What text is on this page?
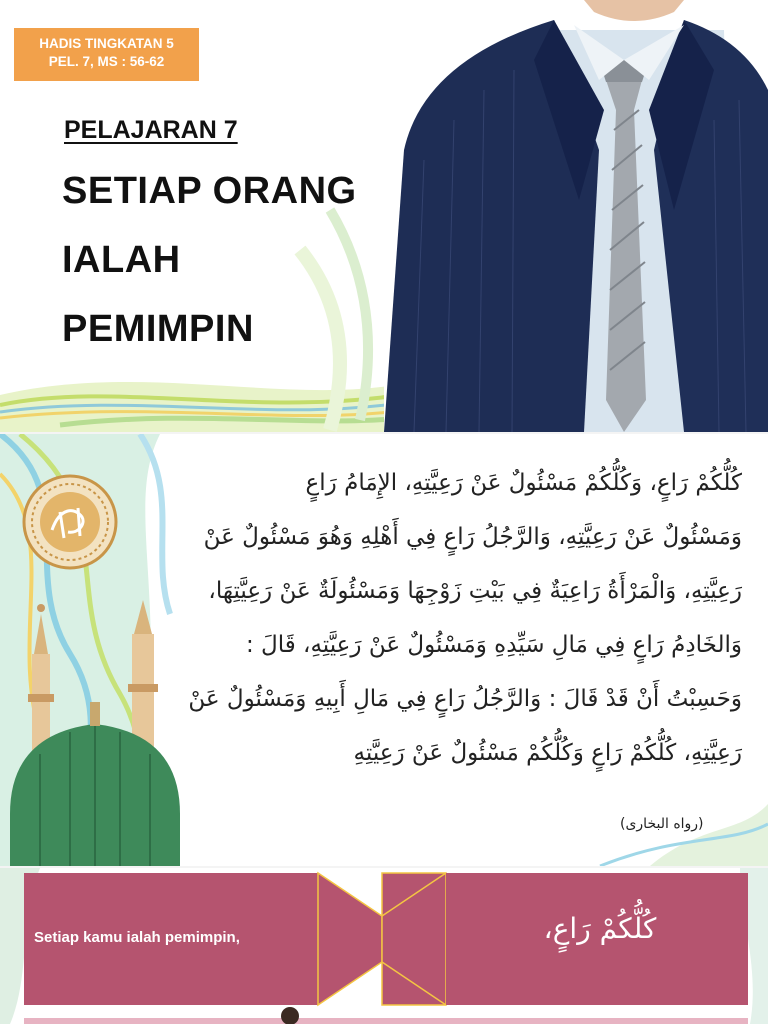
HADIS TINGKATAN 5
PEL. 7, MS : 56-62
PELAJARAN 7
SETIAP ORANG
IALAH
PEMIMPIN
كُلُّكُمْ رَاعٍ، وَكُلُّكُمْ مَسْئُولٌ عَنْ رَعِيَّتِهِ، الإِمَامُ رَاعٍ
وَمَسْئُولٌ عَنْ رَعِيَّتِهِ، وَالرَّجُلُ رَاعٍ فِي أَهْلِهِ وَهُوَ مَسْئُولٌ عَنْ
رَعِيَّتِهِ، وَالْمَرْأَةُ رَاعِيَةٌ فِي بَيْتِ زَوْجِهَا وَمَسْئُولَةٌ عَنْ رَعِيَّتِهَا،
وَالخَادِمُ رَاعٍ فِي مَالِ سَيِّدِهِ وَمَسْئُولٌ عَنْ رَعِيَّتِهِ، قَالَ :
وَحَسِبْتُ أَنْ قَدْ قَالَ : وَالرَّجُلُ رَاعٍ فِي مَالِ أَبِيهِ وَمَسْئُولٌ عَنْ
رَعِيَّتِهِ، كُلُّكُمْ رَاعٍ وَكُلُّكُمْ مَسْئُولٌ عَنْ رَعِيَّتِهِ
(رواه البخارى)
Setiap kamu ialah pemimpin,	كُلُّكُمْ رَاعٍ،
